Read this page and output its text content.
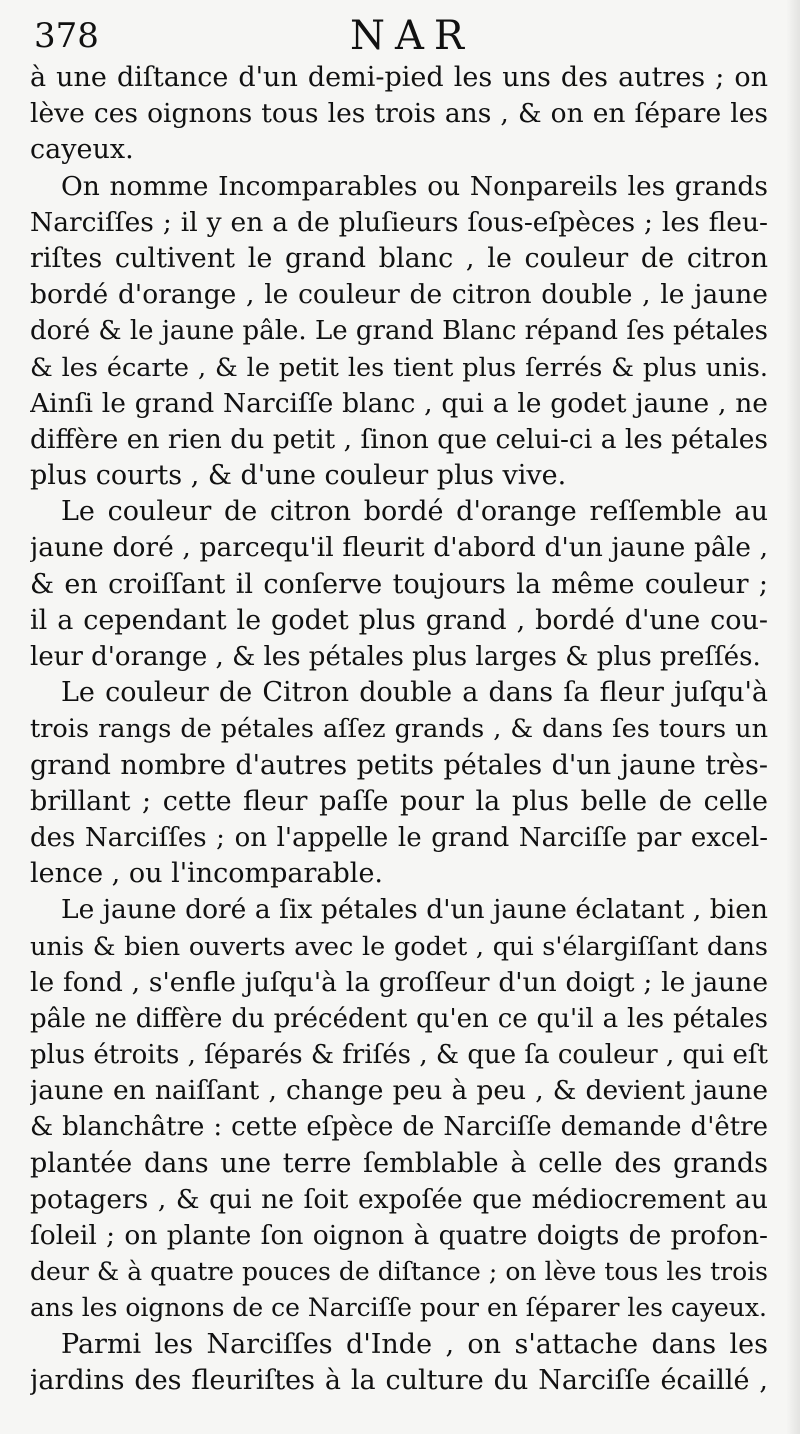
378	NAR
à une diſtance d'un demi-pied les uns des autres ; on
lève ces oignons tous les trois ans , & on en ſépare les
cayeux.
On nomme Incomparables ou Nonpareils les grands
Narciſſes ; il y en a de pluſieurs ſous-eſpèces ; les fleu-
riſtes cultivent le grand blanc , le couleur de citron
bordé d'orange , le couleur de citron double , le jaune
doré & le jaune pâle. Le grand Blanc répand ſes pétales
& les écarte , & le petit les tient plus ſerrés & plus unis.
Ainſi le grand Narciſſe blanc , qui a le godet jaune , ne
diffère en rien du petit , ſinon que celui-ci a les pétales
plus courts , & d'une couleur plus vive.
Le couleur de citron bordé d'orange reſſemble au
jaune doré , parcequ'il fleurit d'abord d'un jaune pâle ,
& en croiſſant il conſerve toujours la même couleur ;
il a cependant le godet plus grand , bordé d'une cou-
leur d'orange , & les pétales plus larges & plus preſſés.
Le couleur de Citron double a dans ſa fleur juſqu'à
trois rangs de pétales aſſez grands , & dans ſes tours un
grand nombre d'autres petits pétales d'un jaune très-
brillant ; cette fleur paſſe pour la plus belle de celle
des Narciſſes ; on l'appelle le grand Narciſſe par excel-
lence , ou l'incomparable.
Le jaune doré a ſix pétales d'un jaune éclatant , bien
unis & bien ouverts avec le godet , qui s'élargiſſant dans
le fond , s'enfle juſqu'à la groſſeur d'un doigt ; le jaune
pâle ne diffère du précédent qu'en ce qu'il a les pétales
plus étroits , ſéparés & friſés , & que ſa couleur , qui eſt
jaune en naiſſant , change peu à peu , & devient jaune
& blanchâtre : cette eſpèce de Narciſſe demande d'être
plantée dans une terre ſemblable à celle des grands
potagers , & qui ne ſoit expoſée que médiocrement au
ſoleil ; on plante ſon oignon à quatre doigts de profon-
deur & à quatre pouces de diſtance ; on lève tous les trois
ans les oignons de ce Narciſſe pour en ſéparer les cayeux.
Parmi les Narciſſes d'Inde , on s'attache dans les
jardins des fleuriſtes à la culture du Narciſſe écaillé ,
